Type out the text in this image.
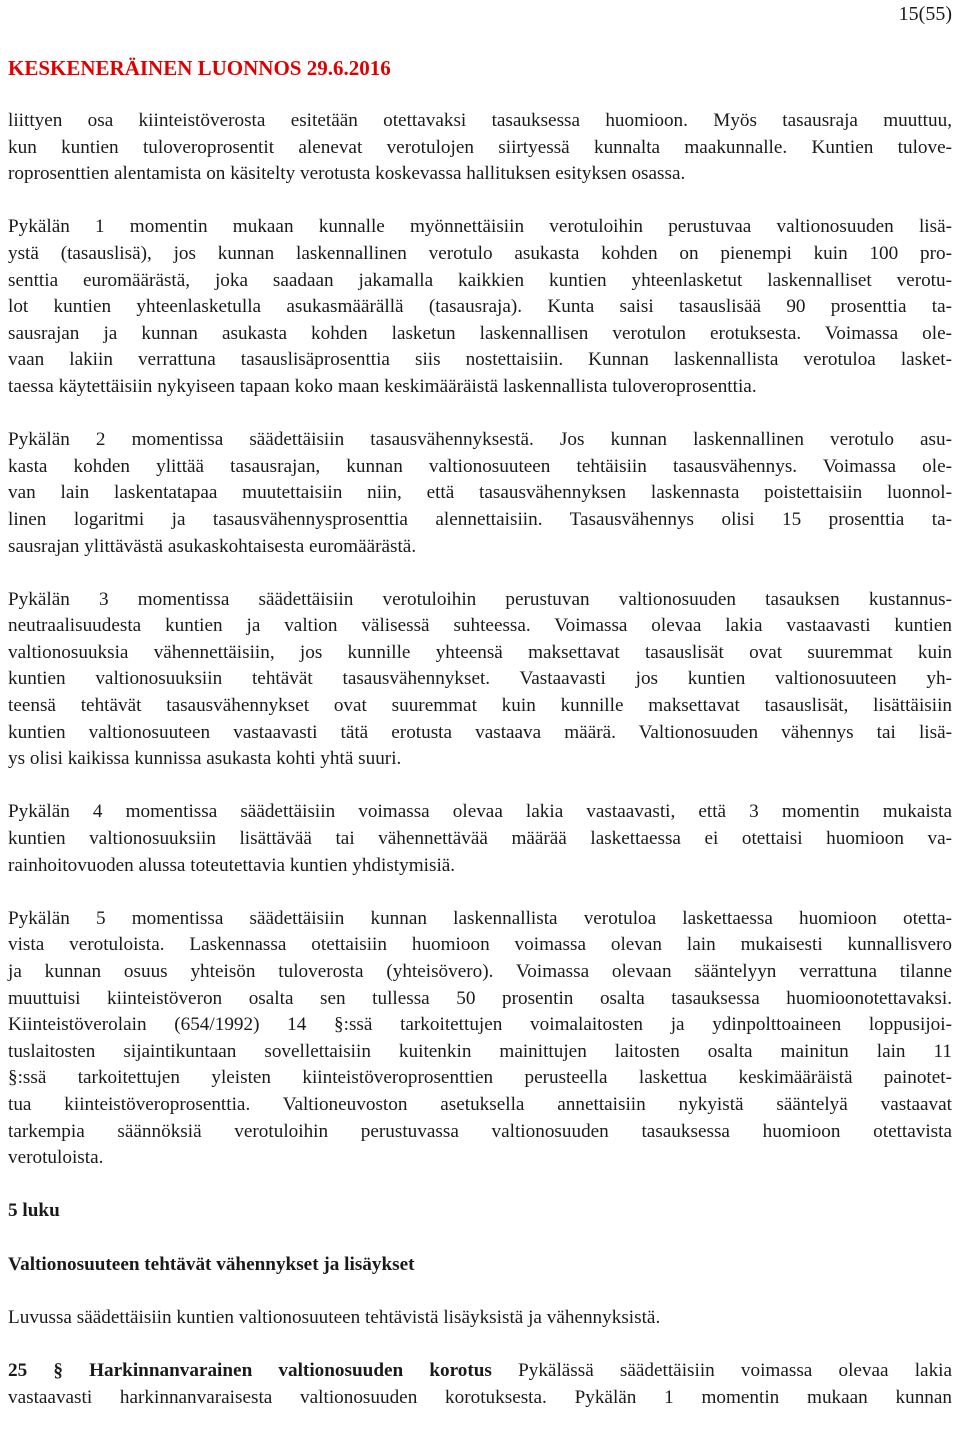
15(55)
KESKENERÄINEN LUONNOS 29.6.2016
liittyen osa kiinteistöverosta esitetään otettavaksi tasauksessa huomioon. Myös tasausraja muuttuu,
kun kuntien tuloveroprosentit alenevat verotulojen siirtyessä kunnalta maakunnalle. Kuntien tulove-
roprosenttien alentamista on käsitelty verotusta koskevassa hallituksen esityksen osassa.
Pykälän 1 momentin mukaan kunnalle myönnettäisiin verotuloihin perustuvaa valtionosuuden lisä-
ystä (tasauslisä), jos kunnan laskennallinen verotulo asukasta kohden on pienempi kuin 100 pro-
senttia euromäärästä, joka saadaan jakamalla kaikkien kuntien yhteenlasketut laskennalliset verotu-
lot kuntien yhteenlasketulla asukasmäärällä (tasausraja). Kunta saisi tasauslisää 90 prosenttia ta-
sausrajan ja kunnan asukasta kohden lasketun laskennallisen verotulon erotuksesta. Voimassa ole-
vaan lakiin verrattuna tasauslisäprosenttia siis nostettaisiin. Kunnan laskennallista verotuloa lasket-
taessa käytettäisiin nykyiseen tapaan koko maan keskimääräistä laskennallista tuloveroprosenttia.
Pykälän 2 momentissa säädettäisiin tasausvähennyksestä. Jos kunnan laskennallinen verotulo asu-
kasta kohden ylittää tasausrajan, kunnan valtionosuuteen tehtäisiin tasausvähennys. Voimassa ole-
van lain laskentatapaa muutettaisiin niin, että tasausvähennyksen laskennasta poistettaisiin luonnol-
linen logaritmi ja tasausvähennysprosenttia alennettaisiin. Tasausvähennys olisi 15 prosenttia ta-
sausrajan ylittävästä asukaskohtaisesta euromäärästä.
Pykälän 3 momentissa säädettäisiin verotuloihin perustuvan valtionosuuden tasauksen kustannus-
neutraalisuudesta kuntien ja valtion välisessä suhteessa. Voimassa olevaa lakia vastaavasti kuntien
valtionosuuksia vähennettäisiin, jos kunnille yhteensä maksettavat tasauslisät ovat suuremmat kuin
kuntien valtionosuuksiin tehtävät tasausvähennykset. Vastaavasti jos kuntien valtionosuuteen yh-
teensä tehtävät tasausvähennykset ovat suuremmat kuin kunnille maksettavat tasauslisät, lisättäisiin
kuntien valtionosuuteen vastaavasti tätä erotusta vastaava määrä. Valtionosuuden vähennys tai lisä-
ys olisi kaikissa kunnissa asukasta kohti yhtä suuri.
Pykälän 4 momentissa säädettäisiin voimassa olevaa lakia vastaavasti, että 3 momentin mukaista
kuntien valtionosuuksiin lisättävää tai vähennettävää määrää laskettaessa ei otettaisi huomioon va-
rainhoitovuoden alussa toteutettavia kuntien yhdistymisiä.
Pykälän 5 momentissa säädettäisiin kunnan laskennallista verotuloa laskettaessa huomioon otetta-
vista verotuloista. Laskennassa otettaisiin huomioon voimassa olevan lain mukaisesti kunnallisvero
ja kunnan osuus yhteisön tuloverosta (yhteisövero). Voimassa olevaan sääntelyyn verrattuna tilanne
muuttuisi kiinteistöveron osalta sen tullessa 50 prosentin osalta tasauksessa huomioonotettavaksi.
Kiinteistöverolain (654/1992) 14 §:ssä tarkoitettujen voimalaitosten ja ydinpolttoaineen loppusijoi-
tuslaitosten sijaintikuntaan sovellettaisiin kuitenkin mainittujen laitosten osalta mainitun lain 11
§:ssä tarkoitettujen yleisten kiinteistöveroprosenttien perusteella laskettua keskimääräistä painotet-
tua kiinteistöveroprosenttia. Valtioneuvoston asetuksella annettaisiin nykyistä sääntelyä vastaavat
tarkempia säännöksiä verotuloihin perustuvassa valtionosuuden tasauksessa huomioon otettavista
verotuloista.
5 luku
Valtionosuuteen tehtävät vähennykset ja lisäykset
Luvussa säädettäisiin kuntien valtionosuuteen tehtävistä lisäyksistä ja vähennyksistä.
25 § Harkinnanvarainen valtionosuuden korotus Pykälässä säädettäisiin voimassa olevaa lakia
vastaavasti harkinnanvaraisesta valtionosuuden korotuksesta. Pykälän 1 momentin mukaan kunnan
